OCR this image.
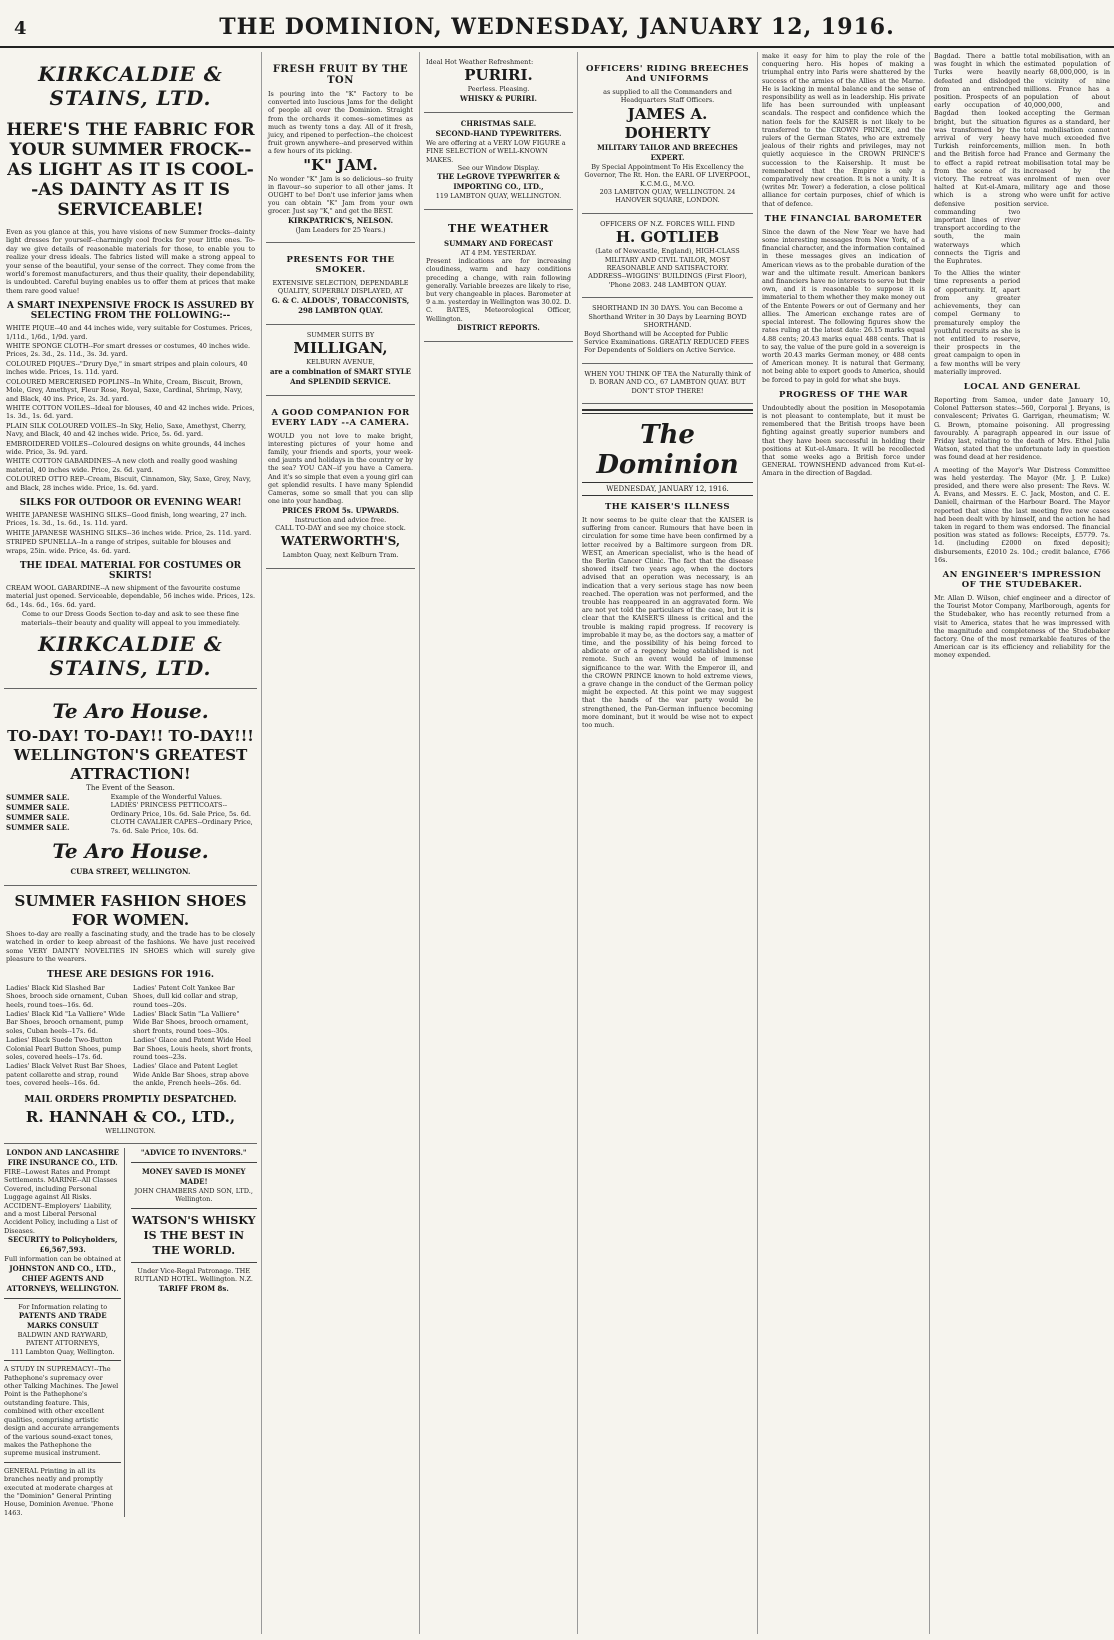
4	THE DOMINION, WEDNESDAY, JANUARY 12, 1916.
KIRKCALDIE & STAINS, LTD.
HERE'S THE FABRIC FOR YOUR SUMMER FROCK--AS LIGHT AS IT IS COOL--AS DAINTY AS IT IS SERVICEABLE!
Even as you glance at this, you have visions of new Summer frocks--dainty light dresses for yourself--charmingly cool frocks for your little ones. To-day we give details of reasonable materials for those, to enable you to realize your dress ideals. The fabrics listed will make a strong appeal to your sense of the beautiful, your sense of the correct. They come from the world's foremost manufacturers, and thus their quality, their dependability, is undoubted. Careful buying enables us to offer them at prices that make them rare good value!
A SMART INEXPENSIVE FROCK IS ASSURED BY SELECTING FROM THE FOLLOWING:--
WHITE PIQUE--40 and 44 inches wide, very suitable for Costumes. Prices, 1/11d., 1/6d., 1/9d. yard.
WHITE SPONGE CLOTH--For smart dresses or costumes, 40 inches wide. Prices, 2s. 3d., 2s. 11d., 3s. 3d. yard.
COLOURED PIQUES--"Drury Dye," in smart stripes and plain colours, 40 inches wide. Prices, 1s. 11d. yard.
COLOURED MERCERISED POPLINS--In White, Cream, Biscuit, Brown, Mole, Grey, Amethyst, Fleur Rose, Royal, Saxe, Cardinal, Shrimp, Navy, and Black, 40 ins. Price, 2s. 3d. yard.
WHITE COTTON VOILES--Ideal for blouses, 40 and 42 inches wide. Prices, 1s. 3d., 1s. 6d. yard.
PLAIN SILK COLOURED VOILES--In Sky, Helio, Saxe, Amethyst, Cherry, Navy, and Black, 40 and 42 inches wide. Price, 5s. 6d. yard.
EMBROIDERED VOILES--Coloured designs on white grounds, 44 inches wide. Price, 3s. 9d. yard.
WHITE COTTON GABARDINES--A new cloth and really good washing material, 40 inches wide. Price, 2s. 6d. yard.
COLOURED OTTO REP--Cream, Biscuit, Cinnamon, Sky, Saxe, Grey, Navy, and Black, 28 inches wide. Price, 1s. 6d. yard.
SILKS FOR OUTDOOR OR EVENING WEAR!
WHITE JAPANESE WASHING SILKS--Good finish, long wearing, 27 inch. Prices, 1s. 3d., 1s. 6d., 1s. 11d. yard.
WHITE JAPANESE WASHING SILKS--36 inches wide. Price, 2s. 11d. yard.
STRIPED SPUNELLA--In a range of stripes, suitable for blouses and wraps, 25in. wide. Price, 4s. 6d. yard.
THE IDEAL MATERIAL FOR COSTUMES OR SKIRTS!
CREAM WOOL GABARDINE--A new shipment of the favourite costume material just opened. Serviceable, dependable, 56 inches wide. Prices, 12s. 6d., 14s. 6d., 16s. 6d. yard.
Come to our Dress Goods Section to-day and ask to see these fine materials--their beauty and quality will appeal to you immediately.
KIRKCALDIE & STAINS, LTD.
Te Aro House.
TO-DAY! TO-DAY!! TO-DAY!!!
WELLINGTON'S GREATEST ATTRACTION!
The Event of the Season.
SUMMER SALE.
SUMMER SALE.
SUMMER SALE.
SUMMER SALE.
Example of the Wonderful Values.
LADIES' PRINCESS PETTICOATS-- Ordinary Price, 10s. 6d. Sale Price, 5s. 6d.
CLOTH CAVALIER CAPES--Ordinary Price, 7s. 6d. Sale Price, 10s. 6d.
Te Aro House.
CUBA STREET, WELLINGTON.
SUMMER FASHION SHOES FOR WOMEN.
Shoes to-day are really a fascinating study, and the trade has to be closely watched in order to keep abreast of the fashions. We have just received some VERY DAINTY NOVELTIES IN SHOES which will surely give pleasure to the wearers.
THESE ARE DESIGNS FOR 1916.
Ladies' Black Kid Slashed Bar Shoes, brooch side ornament, Cuban heels, round toes--16s. 6d.
Ladies' Black Kid "La Valliere" Wide Bar Shoes, brooch ornament, pump soles, Cuban heels--17s. 6d.
Ladies' Black Suede Two-Button Colonial Pearl Button Shoes, pump soles, covered heels--17s. 6d.
Ladies' Black Velvet Rust Bar Shoes, patent collarette and strap, round toes, covered heels--16s. 6d.
Ladies' Patent Colt Yankee Bar Shoes, dull kid collar and strap, round toes--20s.
Ladies' Black Satin "La Valliere" Wide Bar Shoes, brooch ornament, short fronts, round toes--30s.
Ladies' Glace and Patent Wide Heel Bar Shoes, Louis heels, short fronts, round toes--23s.
Ladies' Glace and Patent Leglet Wide Ankle Bar Shoes, strap above the ankle, French heels--26s. 6d.
MAIL ORDERS PROMPTLY DESPATCHED.
R. HANNAH & CO., LTD.,
WELLINGTON.
LONDON AND LANCASHIRE FIRE INSURANCE CO., LTD.
FIRE--Lowest Rates and Prompt Settlements. MARINE--All Classes Covered, including Personal Luggage against All Risks. ACCIDENT--Employers' Liability, and a most Liberal Personal Accident Policy, including a List of Diseases.
SECURITY to Policyholders, £6,567,593.
Full information can be obtained at
JOHNSTON AND CO., LTD., CHIEF AGENTS AND ATTORNEYS, WELLINGTON.
For Information relating to
PATENTS AND TRADE MARKS CONSULT
BALDWIN AND RAYWARD, PATENT ATTORNEYS,
111 Lambton Quay, Wellington.
A STUDY IN SUPREMACY!--The Pathephone's supremacy over other Talking Machines. The Jewel Point is the Pathephone's outstanding feature. This, combined with other excellent qualities, comprising artistic design and accurate arrangements of the various sound-exact tones, makes the Pathephone the supreme musical instrument.
GENERAL Printing in all its branches neatly and promptly executed at moderate charges at the "Dominion" General Printing House, Dominion Avenue. 'Phone 1463.
"ADVICE TO INVENTORS."
MONEY SAVED IS MONEY MADE!
JOHN CHAMBERS AND SON, LTD., Wellington.
WATSON'S WHISKY IS THE BEST IN THE WORLD.
Under Vice-Regal Patronage. THE RUTLAND HOTEL. Wellington. N.Z.
TARIFF FROM 8s.
FRESH FRUIT BY THE TON
Is pouring into the "K" Factory to be converted into luscious Jams for the delight of people all over the Dominion. Straight from the orchards it comes--sometimes as much as twenty tons a day. All of it fresh, juicy, and ripened to perfection--the choicest fruit grown anywhere--and preserved within a few hours of its picking.
"K" JAM.
No wonder "K" Jam is so delicious--so fruity in flavour--so superior to all other jams. It OUGHT to be! Don't use inferior jams when you can obtain "K" Jam from your own grocer. Just say "K," and get the BEST.
KIRKPATRICK'S, NELSON.
(Jam Leaders for 25 Years.)
PRESENTS FOR THE SMOKER.
EXTENSIVE SELECTION, DEPENDABLE QUALITY, SUPERBLY DISPLAYED, AT
G. & C. ALDOUS', TOBACCONISTS, 298 LAMBTON QUAY.
SUMMER SUITS BY
MILLIGAN,
KELBURN AVENUE,
are a combination of SMART STYLE And SPLENDID SERVICE.
A GOOD COMPANION FOR EVERY LADY --A CAMERA.
WOULD you not love to make bright, interesting pictures of your home and family, your friends and sports, your week-end jaunts and holidays in the country or by the sea? YOU CAN--if you have a Camera. And it's so simple that even a young girl can get splendid results. I have many Splendid Cameras, some so small that you can slip one into your handbag.
PRICES FROM 5s. UPWARDS.
Instruction and advice free.
CALL TO-DAY and see my choice stock.
WATERWORTH'S,
Lambton Quay, next Kelburn Tram.
Ideal Hot Weather Refreshment:
PURIRI.
Peerless. Pleasing.
WHISKY & PURIRI.
CHRISTMAS SALE.
SECOND-HAND TYPEWRITERS.
We are offering at a VERY LOW FIGURE a FINE SELECTION of WELL-KNOWN MAKES.
See our Window Display.
THE LeGROVE TYPEWRITER & IMPORTING CO., LTD.,
119 LAMBTON QUAY, WELLINGTON.
THE WEATHER
SUMMARY AND FORECAST
AT 4 P.M. YESTERDAY.
Present indications are for increasing cloudiness, warm and hazy conditions preceding a change, with rain following generally. Variable breezes are likely to rise, but very changeable in places. Barometer at 9 a.m. yesterday in Wellington was 30.02. D. C. BATES, Meteorological Officer, Wellington.
DISTRICT REPORTS.
OFFICERS' RIDING BREECHES And UNIFORMS
as supplied to all the Commanders and Headquarters Staff Officers.
JAMES A. DOHERTY
MILITARY TAILOR AND BREECHES EXPERT.
By Special Appointment To His Excellency the Governor, The Rt. Hon. the EARL OF LIVERPOOL, K.C.M.G., M.V.O.
203 LAMBTON QUAY, WELLINGTON. 24 HANOVER SQUARE, LONDON.
OFFICERS OF N.Z. FORCES WILL FIND
H. GOTLIEB
(Late of Newcastle, England), HIGH-CLASS MILITARY AND CIVIL TAILOR, MOST REASONABLE AND SATISFACTORY.
ADDRESS--WIGGINS' BUILDINGS (First Floor), 'Phone 2083. 248 LAMBTON QUAY.
SHORTHAND IN 30 DAYS. You can Become a Shorthand Writer in 30 Days by Learning BOYD SHORTHAND.
Boyd Shorthand will be Accepted for Public Service Examinations. GREATLY REDUCED FEES For Dependents of Soldiers on Active Service.
WHEN YOU THINK OF TEA the Naturally think of D. BORAN AND CO., 67 LAMBTON QUAY. BUT DON'T STOP THERE!
The Dominion
WEDNESDAY, JANUARY 12, 1916.
THE KAISER'S ILLNESS
It now seems to be quite clear that the KAISER is suffering from cancer. Rumours that have been in circulation for some time have been confirmed by a letter received by a Baltimore surgeon from DR. WEST, an American specialist, who is the head of the Berlin Cancer Clinic. The fact that the disease showed itself two years ago, when the doctors advised that an operation was necessary, is an indication that a very serious stage has now been reached. The operation was not performed, and the trouble has reappeared in an aggravated form. We are not yet told the particulars of the case, but it is clear that the KAISER'S illness is critical and the trouble is making rapid progress. If recovery is improbable it may be, as the doctors say, a matter of time, and the possibility of his being forced to abdicate or of a regency being established is not remote. Such an event would be of immense significance to the war. With the Emperor ill, and the CROWN PRINCE known to hold extreme views, a grave change in the conduct of the German policy might be expected. At this point we may suggest that the hands of the war party would be strengthened, the Pan-German influence becoming more dominant, but it would be wise not to expect too much.
make it easy for him to play the role of the conquering hero. His hopes of making a triumphal entry into Paris were shattered by the success of the armies of the Allies at the Marne. He is lacking in mental balance and the sense of responsibility as well as in leadership. His private life has been surrounded with unpleasant scandals. The respect and confidence which the nation feels for the KAISER is not likely to be transferred to the CROWN PRINCE, and the rulers of the German States, who are extremely jealous of their rights and privileges, may not quietly acquiesce in the CROWN PRINCE'S succession to the Kaisership. It must be remembered that the Empire is only a comparatively new creation. It is not a unity. It is (writes Mr. Tower) a federation, a close political alliance for certain purposes, chief of which is that of defence.
THE FINANCIAL BAROMETER
Since the dawn of the New Year we have had some interesting messages from New York, of a financial character, and the information contained in these messages gives an indication of American views as to the probable duration of the war and the ultimate result. American bankers and financiers have no interests to serve but their own, and it is reasonable to suppose it is immaterial to them whether they make money out of the Entente Powers or out of Germany and her allies. The American exchange rates are of special interest. The following figures show the rates ruling at the latest date: 26.15 marks equal 4.88 cents; 20.43 marks equal 488 cents. That is to say, the value of the pure gold in a sovereign is worth 20.43 marks German money, or 488 cents of American money. It is natural that Germany, not being able to export goods to America, should be forced to pay in gold for what she buys.
PROGRESS OF THE WAR
Undoubtedly about the position in Mesopotamia is not pleasant to contemplate, but it must be remembered that the British troops have been fighting against greatly superior numbers and that they have been successful in holding their positions at Kut-el-Amara. It will be recollected that some weeks ago a British force under GENERAL TOWNSHEND advanced from Kut-el-Amara in the direction of Bagdad.
Bagdad. There a battle was fought in which the Turks were heavily defeated and dislodged from an entrenched position. Prospects of an early occupation of Bagdad then looked bright, but the situation was transformed by the arrival of very heavy Turkish reinforcements, and the British force had to effect a rapid retreat from the scene of its victory. The retreat was halted at Kut-el-Amara, which is a strong defensive position commanding two important lines of river transport according to the south, the main waterways which connects the Tigris and the Euphrates.
To the Allies the winter time represents a period of opportunity. If, apart from any greater achievements, they can compel Germany to prematurely employ the youthful recruits as she is not entitled to reserve, their prospects in the great campaign to open in a few months will be very materially improved.
total mobilisation, with an estimated population of nearly 68,000,000, is in the vicinity of nine millions. France has a population of about 40,000,000, and accepting the German figures as a standard, her total mobilisation cannot have much exceeded five million men. In both France and Germany the mobilisation total may be increased by the enrolment of men over military age and those who were unfit for active service.
LOCAL AND GENERAL
Reporting from Samoa, under date January 10, Colonel Patterson states:--560, Corporal J. Bryans, is convalescent; Privates G. Garrigan, rheumatism; W. G. Brown, ptomaine poisoning. All progressing favourably. A paragraph appeared in our issue of Friday last, relating to the death of Mrs. Ethel Julia Watson, stated that the unfortunate lady in question was found dead at her residence.
A meeting of the Mayor's War Distress Committee was held yesterday. The Mayor (Mr. J. P. Luke) presided, and there were also present: The Revs. W. A. Evans, and Messrs. E. C. Jack, Moston, and C. E. Daniell, chairman of the Harbour Board. The Mayor reported that since the last meeting five new cases had been dealt with by himself, and the action he had taken in regard to them was endorsed. The financial position was stated as follows: Receipts, £5779. 7s. 1d. (including £2000 on fixed deposit); disbursements, £2010 2s. 10d.; credit balance, £766 16s.
AN ENGINEER'S IMPRESSION OF THE STUDEBAKER.
Mr. Allan D. Wilson, chief engineer and a director of the Tourist Motor Company, Marlborough, agents for the Studebaker, who has recently returned from a visit to America, states that he was impressed with the magnitude and completeness of the Studebaker factory. One of the most remarkable features of the American car is its efficiency and reliability for the money expended.
